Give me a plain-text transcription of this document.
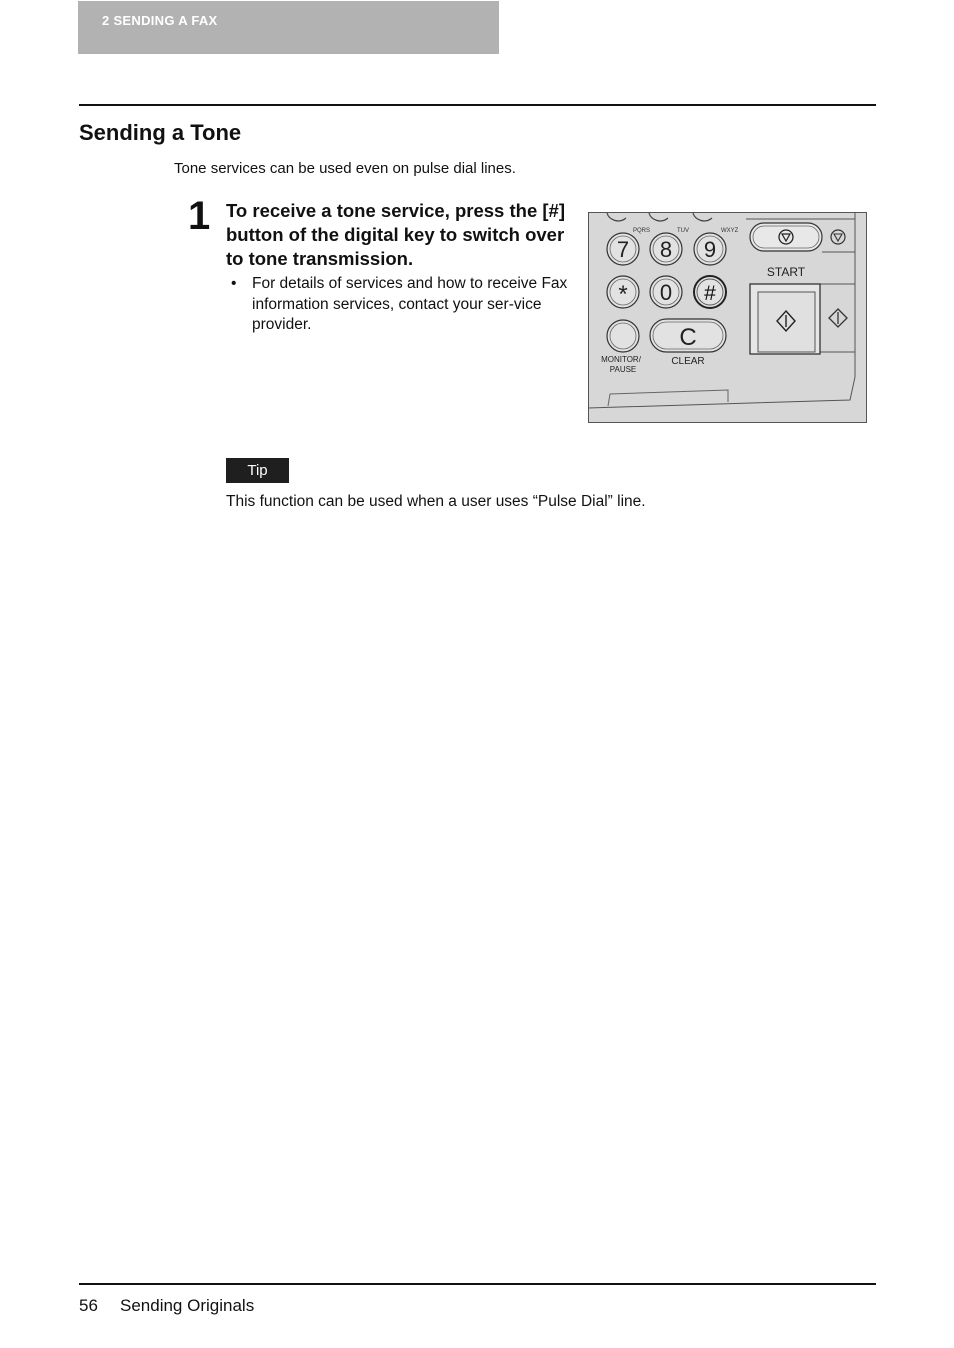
2 SENDING A FAX
Sending a Tone
Tone services can be used even on pulse dial lines.
1 To receive a tone service, press the [#] button of the digital key to switch over to tone transmission.
• For details of services and how to receive Fax information services, contact your ser-vice provider.
PQRS	TUV	WXYZ
7 8 9
* 0 #
MONITOR/
PAUSE
C
CLEAR
START
Tip
This function can be used when a user uses “Pulse Dial” line.
56 Sending Originals
